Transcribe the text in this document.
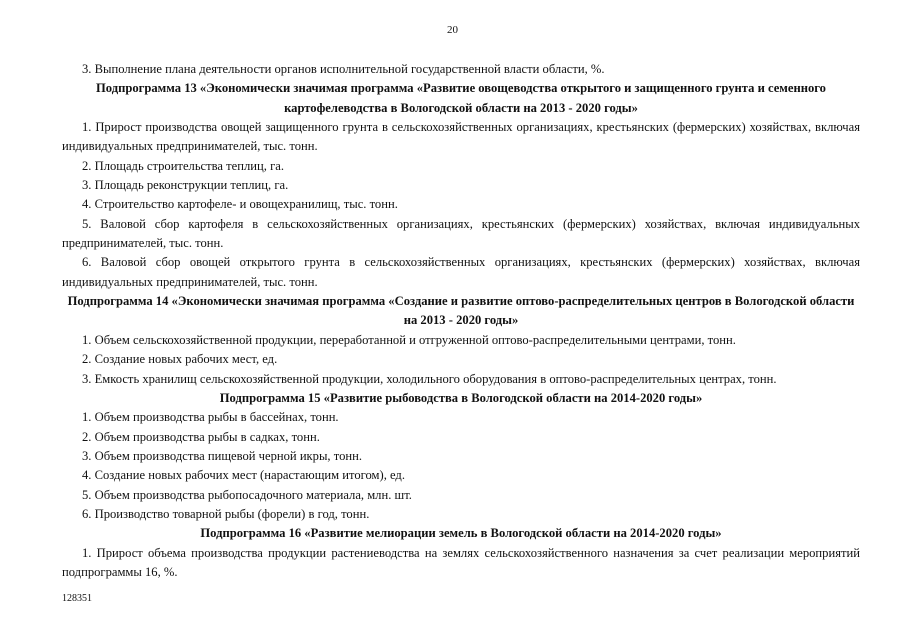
20

3. Выполнение плана деятельности органов исполнительной государственной власти области, %.

Подпрограмма 13 «Экономически значимая программа «Развитие овощеводства открытого и защищенного грунта и семенного картофелеводства в Вологодской области на 2013 - 2020 годы»

1. Прирост производства овощей защищенного грунта в сельскохозяйственных организациях, крестьянских (фермерских) хозяйствах, включая индивидуальных предпринимателей, тыс. тонн.

2. Площадь строительства теплиц, га.

3. Площадь реконструкции теплиц, га.

4. Строительство картофеле- и овощехранилищ, тыс. тонн.

5. Валовой сбор картофеля в сельскохозяйственных организациях, крестьянских (фермерских) хозяйствах, включая индивидуальных предпринимателей, тыс. тонн.

6. Валовой сбор овощей открытого грунта в сельскохозяйственных организациях, крестьянских (фермерских) хозяйствах, включая индивидуальных предпринимателей, тыс. тонн.

Подпрограмма 14 «Экономически значимая программа «Создание и развитие оптово-распределительных центров в Вологодской области на 2013 - 2020 годы»

1. Объем сельскохозяйственной продукции, переработанной и отгруженной оптово-распределительными центрами, тонн.

2. Создание новых рабочих мест, ед.

3. Емкость хранилищ сельскохозяйственной продукции, холодильного оборудования в оптово-распределительных центрах, тонн.

Подпрограмма 15 «Развитие рыбоводства в Вологодской области на 2014-2020 годы»

1. Объем производства рыбы в бассейнах, тонн.

2. Объем производства рыбы в садках, тонн.

3. Объем производства пищевой черной икры, тонн.

4. Создание новых рабочих мест (нарастающим итогом), ед.

5. Объем производства рыбопосадочного материала, млн. шт.

6. Производство товарной рыбы (форели) в год, тонн.

Подпрограмма 16 «Развитие мелиорации земель в Вологодской области на 2014-2020 годы»

1. Прирост объема производства продукции растениеводства на землях сельскохозяйственного назначения за счет реализации мероприятий подпрограммы 16, %.

128351
